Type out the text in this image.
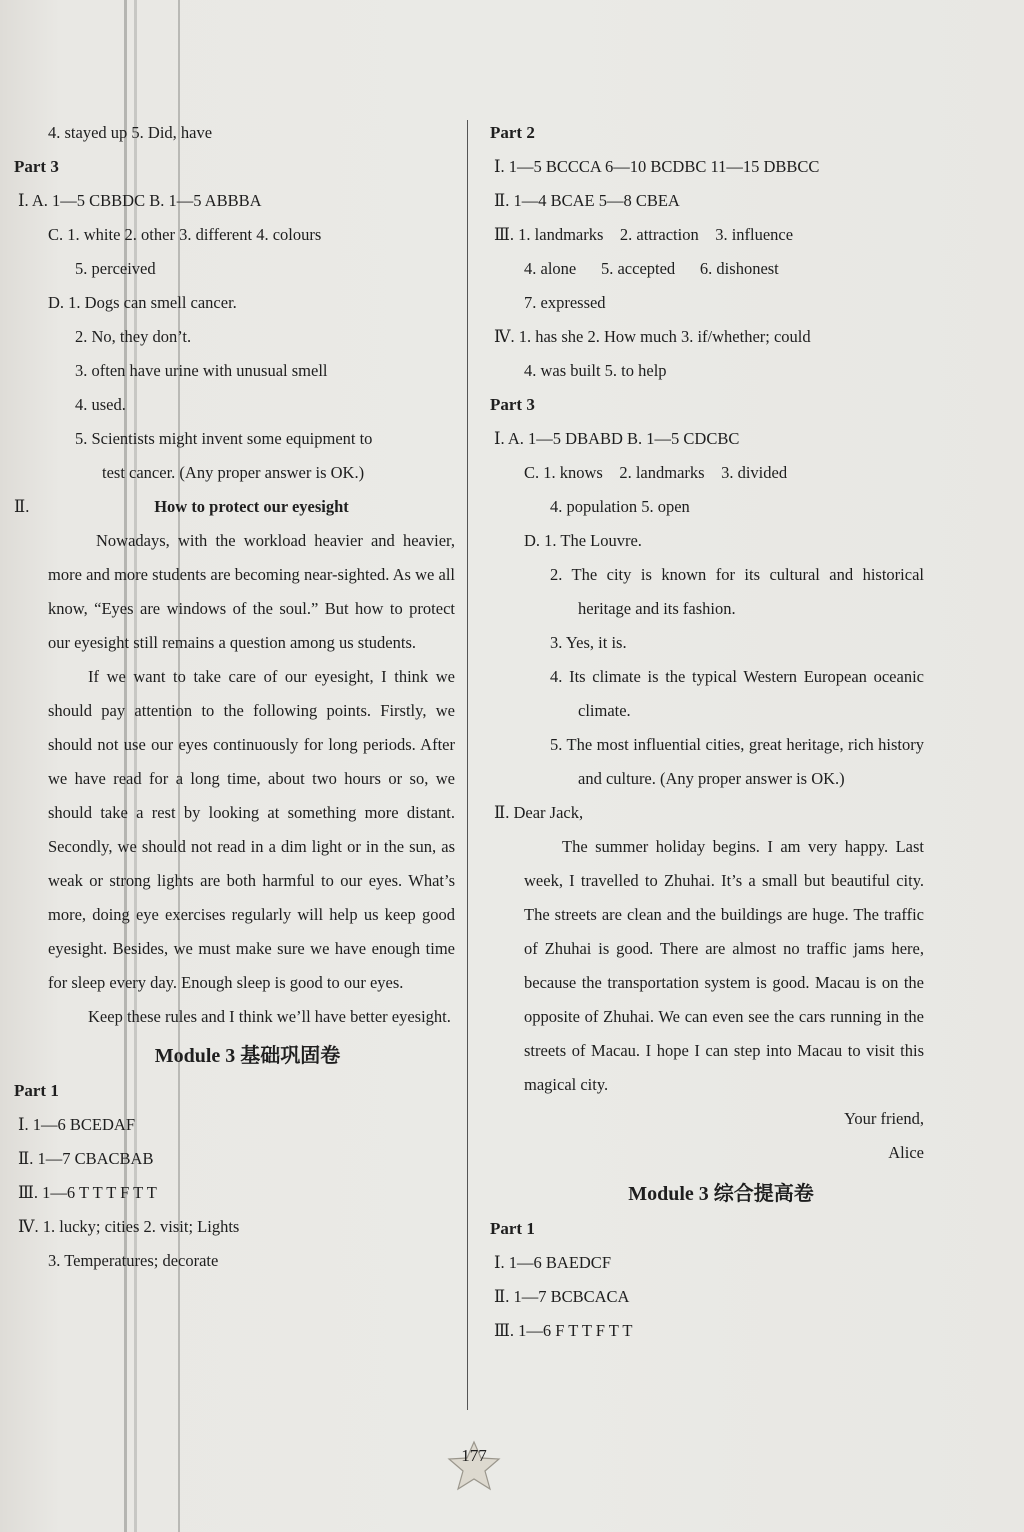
4. stayed up 5. Did, have
Part 3
Ⅰ. A. 1—5 CBBDC B. 1—5 ABBBA
C. 1. white 2. other 3. different 4. colours
5. perceived
D. 1. Dogs can smell cancer.
2. No, they don’t.
3. often have urine with unusual smell
4. used.
5. Scientists might invent some equipment to
test cancer. (Any proper answer is OK.)
Ⅱ.	How to protect our eyesight
Nowadays, with the workload heavier and heavier, more and more students are becoming near-sighted. As we all know, “Eyes are windows of the soul.” But how to protect our eyesight still remains a question among us students.
If we want to take care of our eyesight, I think we should pay attention to the following points. Firstly, we should not use our eyes continuously for long periods. After we have read for a long time, about two hours or so, we should take a rest by looking at something more distant. Secondly, we should not read in a dim light or in the sun, as weak or strong lights are both harmful to our eyes. What’s more, doing eye exercises regularly will help us keep good eyesight. Besides, we must make sure we have enough time for sleep every day. Enough sleep is good to our eyes.
Keep these rules and I think we’ll have better eyesight.
Module 3 基础巩固卷
Part 1
Ⅰ. 1—6 BCEDAF
Ⅱ. 1—7 CBACBAB
Ⅲ. 1—6 T T T F T T
Ⅳ. 1. lucky; cities 2. visit; Lights
3. Temperatures; decorate
Part 2
Ⅰ. 1—5 BCCCA 6—10 BCDBC 11—15 DBBCC
Ⅱ. 1—4 BCAE 5—8 CBEA
Ⅲ. 1. landmarks    2. attraction    3. influence
4. alone      5. accepted      6. dishonest
7. expressed
Ⅳ. 1. has she 2. How much 3. if/whether; could
4. was built 5. to help
Part 3
Ⅰ. A. 1—5 DBABD B. 1—5 CDCBC
C. 1. knows    2. landmarks    3. divided
4. population 5. open
D. 1. The Louvre.
2. The city is known for its cultural and historical heritage and its fashion.
3. Yes, it is.
4. Its climate is the typical Western European oceanic climate.
5. The most influential cities, great heritage, rich history and culture. (Any proper answer is OK.)
Ⅱ. Dear Jack,
The summer holiday begins. I am very happy. Last week, I travelled to Zhuhai. It’s a small but beautiful city. The streets are clean and the buildings are huge. The traffic of Zhuhai is good. There are almost no traffic jams here, because the transportation system is good. Macau is on the opposite of Zhuhai. We can even see the cars running in the streets of Macau. I hope I can step into Macau to visit this magical city.
Your friend,
Alice
Module 3 综合提高卷
Part 1
Ⅰ. 1—6 BAEDCF
Ⅱ. 1—7 BCBCACA
Ⅲ. 1—6 F T T F T T
177
